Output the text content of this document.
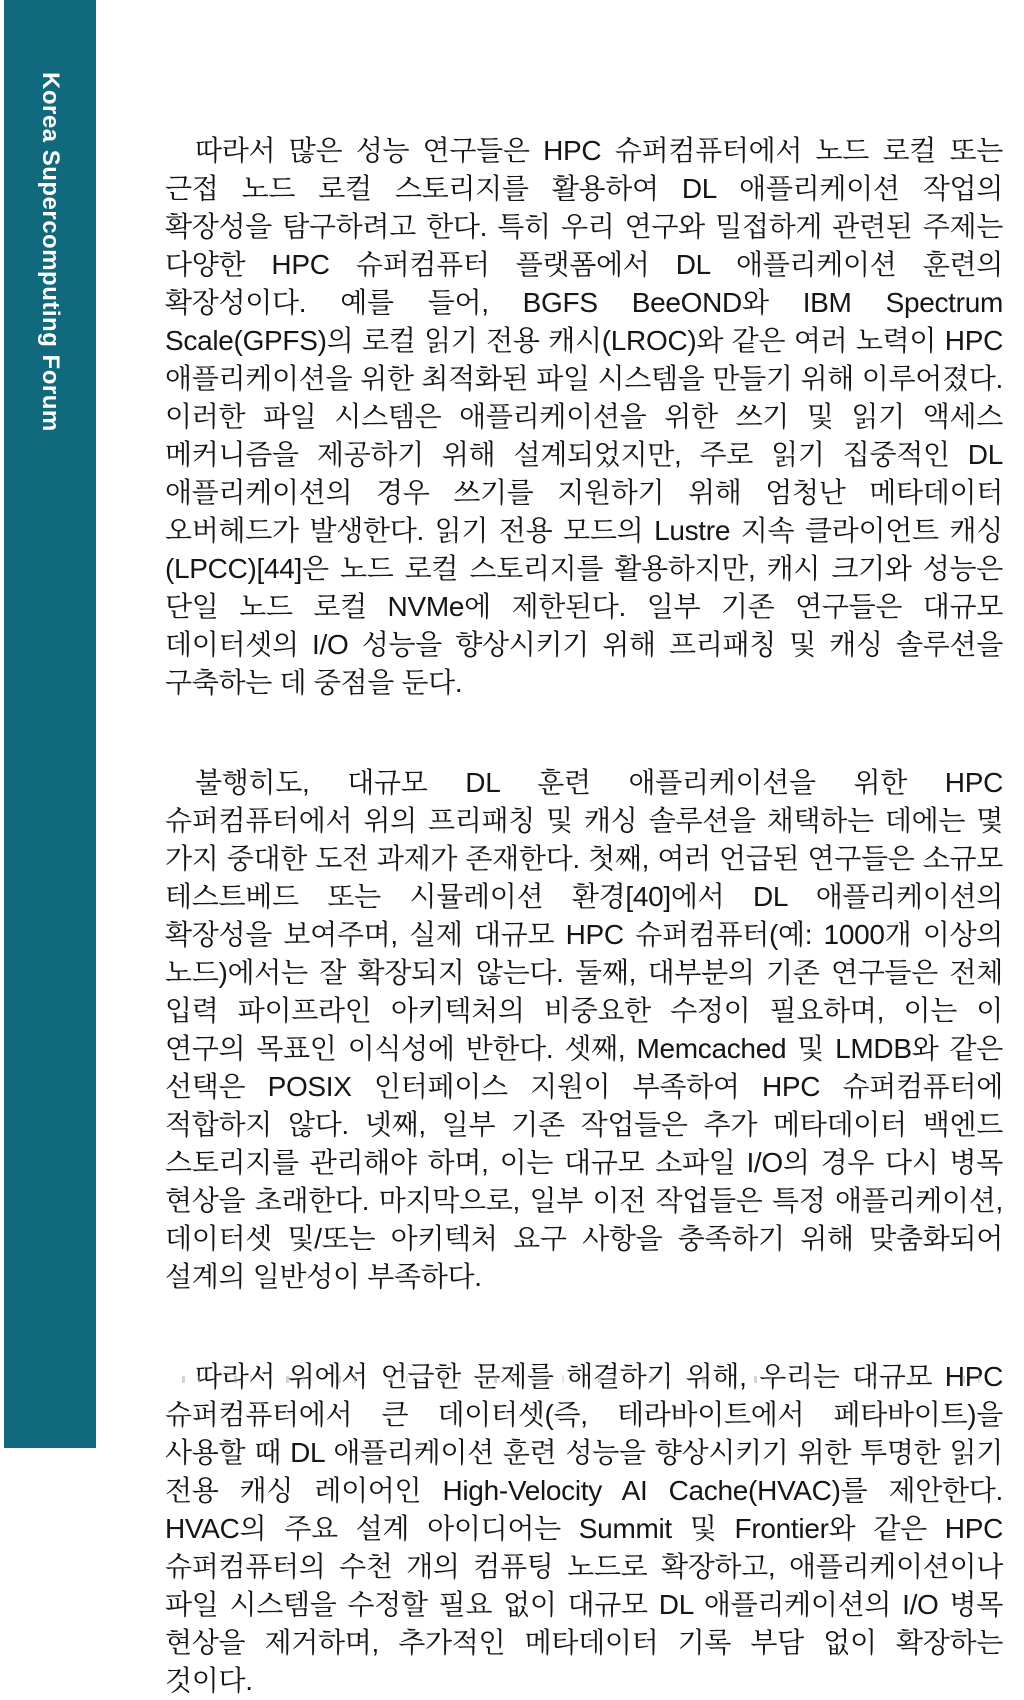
Korea Supercomputing Forum	따라서 많은 성능 연구들은 HPC 슈퍼컴퓨터에서 노드 로컬 또는 근접 노드 로컬 스토리지를 활용하여 DL 애플리케이션 작업의 확장성을 탐구하려고 한다. 특히 우리 연구와 밀접하게 관련된 주제는 다양한 HPC 슈퍼컴퓨터 플랫폼에서 DL 애플리케이션 훈련의 확장성이다. 예를 들어, BGFS BeeOND와 IBM Spectrum Scale(GPFS)의 로컬 읽기 전용 캐시(LROC)와 같은 여러 노력이 HPC 애플리케이션을 위한 최적화된 파일 시스템을 만들기 위해 이루어졌다. 이러한 파일 시스템은 애플리케이션을 위한 쓰기 및 읽기 액세스 메커니즘을 제공하기 위해 설계되었지만, 주로 읽기 집중적인 DL 애플리케이션의 경우 쓰기를 지원하기 위해 엄청난 메타데이터 오버헤드가 발생한다. 읽기 전용 모드의 Lustre 지속 클라이언트 캐싱(LPCC)[44]은 노드 로컬 스토리지를 활용하지만, 캐시 크기와 성능은 단일 노드 로컬 NVMe에 제한된다. 일부 기존 연구들은 대규모 데이터셋의 I/O 성능을 향상시키기 위해 프리패칭 및 캐싱 솔루션을 구축하는 데 중점을 둔다.

불행히도, 대규모 DL 훈련 애플리케이션을 위한 HPC 슈퍼컴퓨터에서 위의 프리패칭 및 캐싱 솔루션을 채택하는 데에는 몇 가지 중대한 도전 과제가 존재한다. 첫째, 여러 언급된 연구들은 소규모 테스트베드 또는 시뮬레이션 환경[40]에서 DL 애플리케이션의 확장성을 보여주며, 실제 대규모 HPC 슈퍼컴퓨터(예: 1000개 이상의 노드)에서는 잘 확장되지 않는다. 둘째, 대부분의 기존 연구들은 전체 입력 파이프라인 아키텍처의 비중요한 수정이 필요하며, 이는 이 연구의 목표인 이식성에 반한다. 셋째, Memcached 및 LMDB와 같은 선택은 POSIX 인터페이스 지원이 부족하여 HPC 슈퍼컴퓨터에 적합하지 않다. 넷째, 일부 기존 작업들은 추가 메타데이터 백엔드 스토리지를 관리해야 하며, 이는 대규모 소파일 I/O의 경우 다시 병목 현상을 초래한다. 마지막으로, 일부 이전 작업들은 특정 애플리케이션, 데이터셋 및/또는 아키텍처 요구 사항을 충족하기 위해 맞춤화되어 설계의 일반성이 부족하다.

따라서 위에서 언급한 문제를 해결하기 위해, 우리는 대규모 HPC 슈퍼컴퓨터에서 큰 데이터셋(즉, 테라바이트에서 페타바이트)을 사용할 때 DL 애플리케이션 훈련 성능을 향상시키기 위한 투명한 읽기 전용 캐싱 레이어인 High-Velocity AI Cache(HVAC)를 제안한다. HVAC의 주요 설계 아이디어는 Summit 및 Frontier와 같은 HPC 슈퍼컴퓨터의 수천 개의 컴퓨팅 노드로 확장하고, 애플리케이션이나 파일 시스템을 수정할 필요 없이 대규모 DL 애플리케이션의 I/O 병목 현상을 제거하며, 추가적인 메타데이터 기록 부담 없이 확장하는 것이다.
